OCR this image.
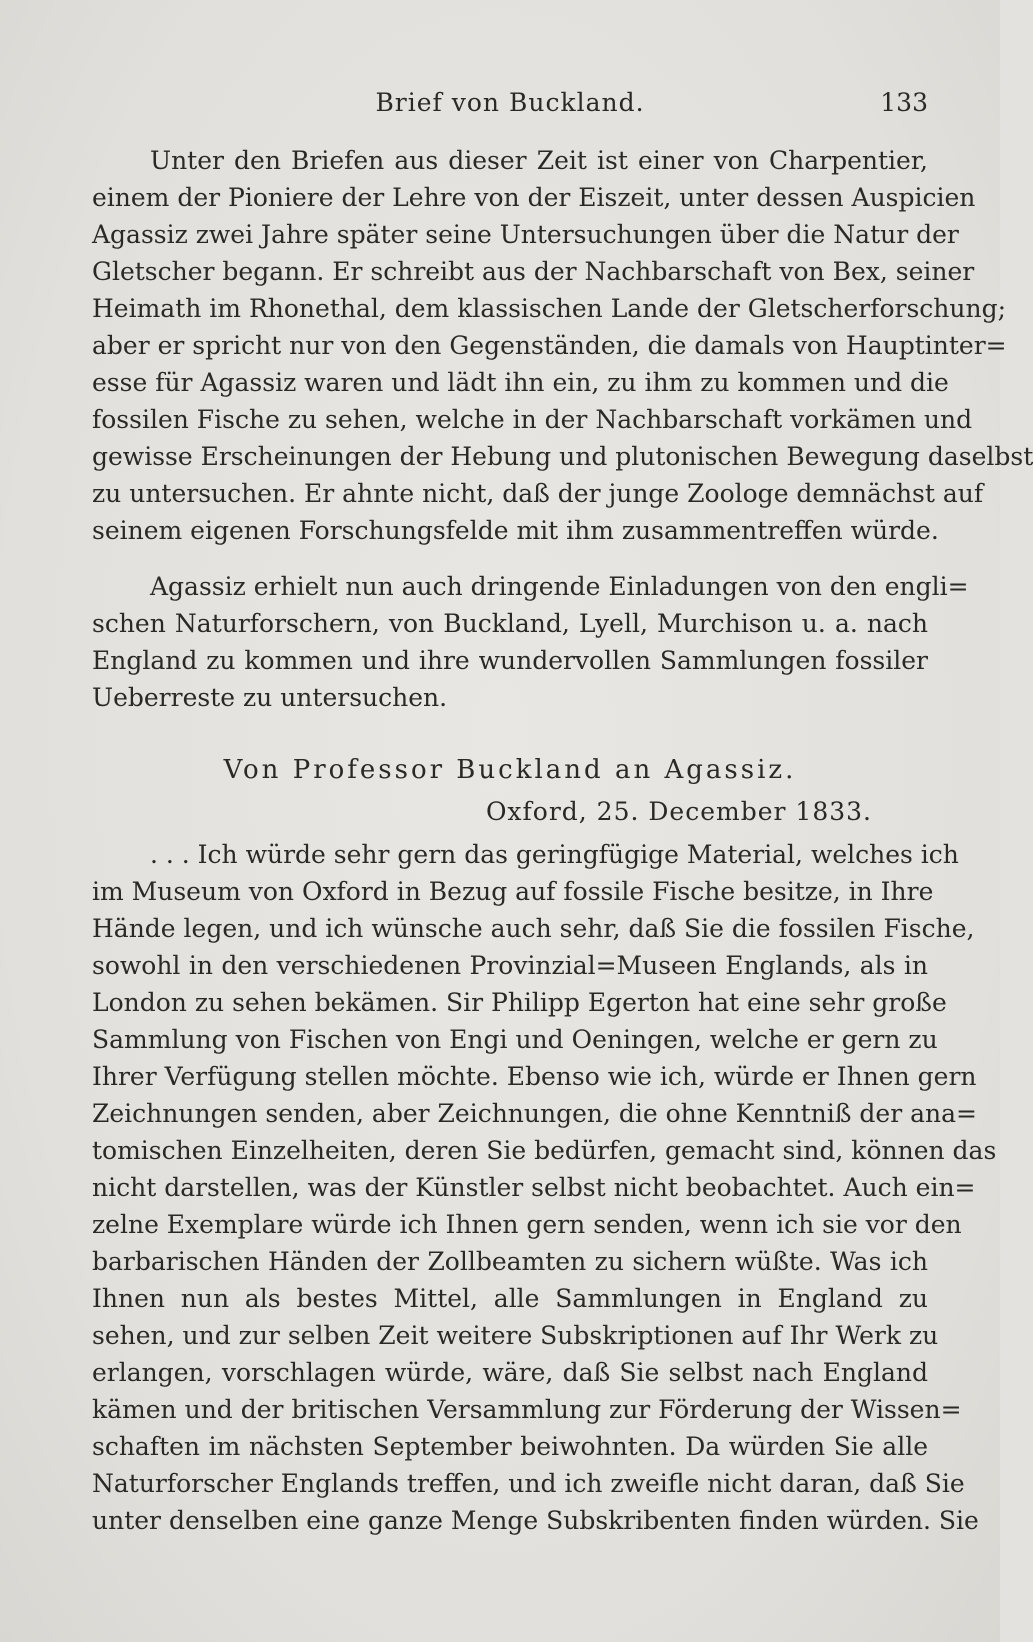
Brief von Buckland.	133
Unter den Briefen aus dieser Zeit ist einer von Charpentier,
einem der Pioniere der Lehre von der Eiszeit, unter dessen Auspicien
Agassiz zwei Jahre später seine Untersuchungen über die Natur der
Gletscher begann. Er schreibt aus der Nachbarschaft von Bex, seiner
Heimath im Rhonethal, dem klassischen Lande der Gletscherforschung;
aber er spricht nur von den Gegenständen, die damals von Hauptinter=
esse für Agassiz waren und lädt ihn ein, zu ihm zu kommen und die
fossilen Fische zu sehen, welche in der Nachbarschaft vorkämen und
gewisse Erscheinungen der Hebung und plutonischen Bewegung daselbst
zu untersuchen. Er ahnte nicht, daß der junge Zoologe demnächst auf
seinem eigenen Forschungsfelde mit ihm zusammentreffen würde.
Agassiz erhielt nun auch dringende Einladungen von den engli=
schen Naturforschern, von Buckland, Lyell, Murchison u. a. nach
England zu kommen und ihre wundervollen Sammlungen fossiler
Ueberreste zu untersuchen.
Von Professor Buckland an Agassiz.
Oxford, 25. December 1833.
. . . Ich würde sehr gern das geringfügige Material, welches ich
im Museum von Oxford in Bezug auf fossile Fische besitze, in Ihre
Hände legen, und ich wünsche auch sehr, daß Sie die fossilen Fische,
sowohl in den verschiedenen Provinzial=Museen Englands, als in
London zu sehen bekämen. Sir Philipp Egerton hat eine sehr große
Sammlung von Fischen von Engi und Oeningen, welche er gern zu
Ihrer Verfügung stellen möchte. Ebenso wie ich, würde er Ihnen gern
Zeichnungen senden, aber Zeichnungen, die ohne Kenntniß der ana=
tomischen Einzelheiten, deren Sie bedürfen, gemacht sind, können das
nicht darstellen, was der Künstler selbst nicht beobachtet. Auch ein=
zelne Exemplare würde ich Ihnen gern senden, wenn ich sie vor den
barbarischen Händen der Zollbeamten zu sichern wüßte. Was ich
Ihnen nun als bestes Mittel, alle Sammlungen in England zu
sehen, und zur selben Zeit weitere Subskriptionen auf Ihr Werk zu
erlangen, vorschlagen würde, wäre, daß Sie selbst nach England
kämen und der britischen Versammlung zur Förderung der Wissen=
schaften im nächsten September beiwohnten. Da würden Sie alle
Naturforscher Englands treffen, und ich zweifle nicht daran, daß Sie
unter denselben eine ganze Menge Subskribenten finden würden. Sie
